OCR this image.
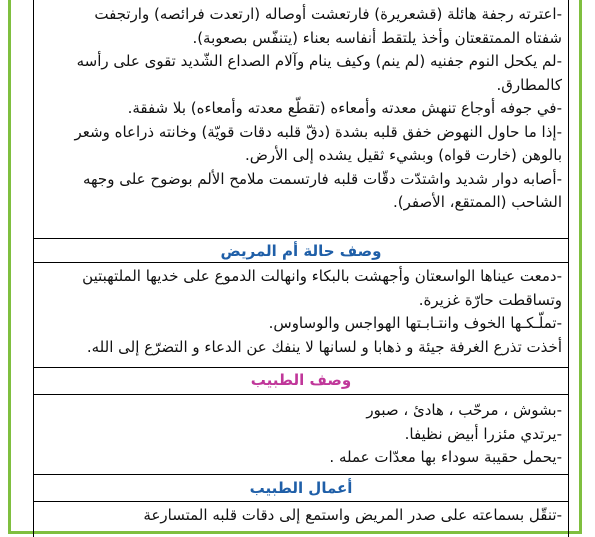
-اعترته رجفة هائلة (قشعريرة) فارتعشت أوصاله (ارتعدت فرائصه) وارتجفت

شفتاه الممتقعتان وأخذ يلتقط أنفاسه بعناء (يتنفّس بصعوبة).

-لم يكحل النوم جفنيه (لم ينم) وكيف ينام وآلام الصداع الشّديد تقوى على رأسه

كالمطارق.

-في جوفه أوجاع تنهش معدته وأمعاءه (تقطّع معدته وأمعاءه) بلا شفقة.

-إذا ما حاول النهوض خفق قلبه بشدة (دقّ قلبه دقات قويّة) وخانته ذراعاه وشعر

بالوهن (خارت قواه) وبشيء ثقيل يشده إلى الأرض.

-أصابه دوار شديد واشتدّت دقّات قلبه فارتسمت ملامح الألم بوضوح على وجهه

الشاحب (الممتقع، الأصفر).

وصف حالة أم المريض

-دمعت عيناها الواسعتان وأجهشت بالبكاء وانهالت الدموع على خديها الملتهبتين

وتساقطت حارّة غزيرة.

-تملّـكـها الخوف وانتـابـتها الهواجس والوساوس.

أخذت تذرع الغرفة جيئة و ذهابا و لسانها لا ينفك عن الدعاء و التضرّع إلى الله.

وصف الطبيب

-بشوش ، مرحّب ، هادئ ، صبور

-يرتدي مئزرا أبيض نظيفا.

-يحمل حقيبة سوداء بها معدّات عمله .

أعمال الطبيب

-تنقّل بسماعته على صدر المريض واستمع إلى دقات قلبه المتسارعة
